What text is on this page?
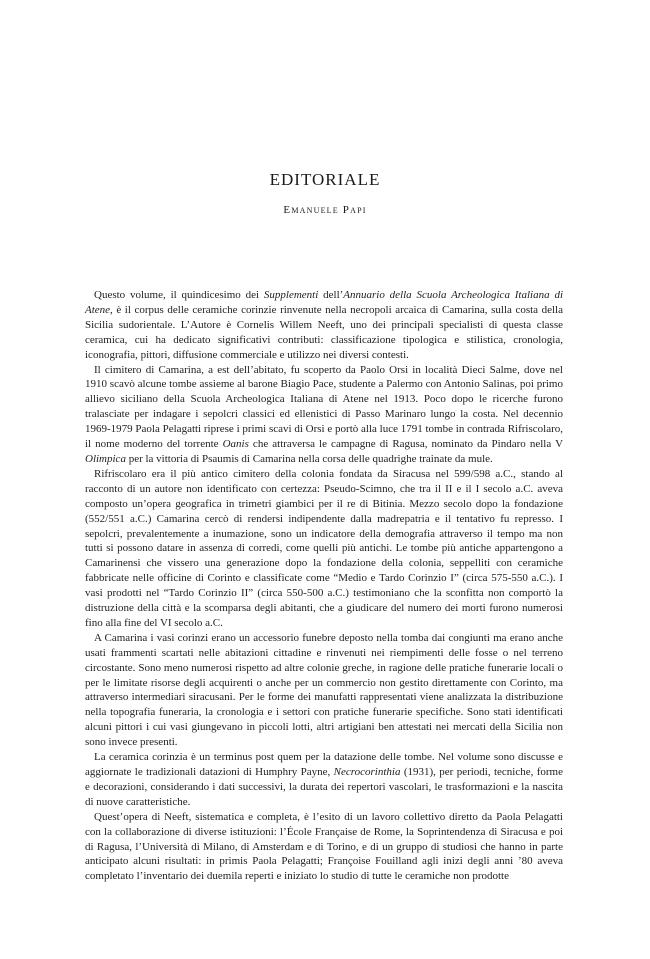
EDITORIALE
Emanuele Papi

Questo volume, il quindicesimo dei Supplementi dell’Annuario della Scuola Archeologica Italiana di Atene, è il corpus delle ceramiche corinzie rinvenute nella necropoli arcaica di Camarina, sulla costa della Sicilia sudorientale. L’Autore è Cornelis Willem Neeft, uno dei principali specialisti di questa classe ceramica, cui ha dedicato significativi contributi: classificazione tipologica e stilistica, cronologia, iconografia, pittori, diffusione commerciale e utilizzo nei diversi contesti.

Il cimitero di Camarina, a est dell’abitato, fu scoperto da Paolo Orsi in località Dieci Salme, dove nel 1910 scavò alcune tombe assieme al barone Biagio Pace, studente a Palermo con Antonio Salinas, poi primo allievo siciliano della Scuola Archeologica Italiana di Atene nel 1913. Poco dopo le ricerche furono tralasciate per indagare i sepolcri classici ed ellenistici di Passo Marinaro lungo la costa. Nel decennio 1969-1979 Paola Pelagatti riprese i primi scavi di Orsi e portò alla luce 1791 tombe in contrada Rifriscolaro, il nome moderno del torrente Oanis che attraversa le campagne di Ragusa, nominato da Pindaro nella V Olimpica per la vittoria di Psaumis di Camarina nella corsa delle quadrighe trainate da mule.

Rifriscolaro era il più antico cimitero della colonia fondata da Siracusa nel 599/598 a.C., stando al racconto di un autore non identificato con certezza: Pseudo-Scimno, che tra il II e il I secolo a.C. aveva composto un’opera geografica in trimetri giambici per il re di Bitinia. Mezzo secolo dopo la fondazione (552/551 a.C.) Camarina cercò di rendersi indipendente dalla madrepatria e il tentativo fu represso. I sepolcri, prevalentemente a inumazione, sono un indicatore della demografia attraverso il tempo ma non tutti si possono datare in assenza di corredi, come quelli più antichi. Le tombe più antiche appartengono a Camarinensi che vissero una generazione dopo la fondazione della colonia, seppelliti con ceramiche fabbricate nelle officine di Corinto e classificate come “Medio e Tardo Corinzio I” (circa 575-550 a.C.). I vasi prodotti nel “Tardo Corinzio II” (circa 550-500 a.C.) testimoniano che la sconfitta non comportò la distruzione della città e la scomparsa degli abitanti, che a giudicare del numero dei morti furono numerosi fino alla fine del VI secolo a.C.

A Camarina i vasi corinzi erano un accessorio funebre deposto nella tomba dai congiunti ma erano anche usati frammenti scartati nelle abitazioni cittadine e rinvenuti nei riempimenti delle fosse o nel terreno circostante. Sono meno numerosi rispetto ad altre colonie greche, in ragione delle pratiche funerarie locali o per le limitate risorse degli acquirenti o anche per un commercio non gestito direttamente con Corinto, ma attraverso intermediari siracusani. Per le forme dei manufatti rappresentati viene analizzata la distribuzione nella topografia funeraria, la cronologia e i settori con pratiche funerarie specifiche. Sono stati identificati alcuni pittori i cui vasi giungevano in piccoli lotti, altri artigiani ben attestati nei mercati della Sicilia non sono invece presenti.

La ceramica corinzia è un terminus post quem per la datazione delle tombe. Nel volume sono discusse e aggiornate le tradizionali datazioni di Humphry Payne, Necrocorinthia (1931), per periodi, tecniche, forme e decorazioni, considerando i dati successivi, la durata dei repertori vascolari, le trasformazioni e la nascita di nuove caratteristiche.

Quest’opera di Neeft, sistematica e completa, è l’esito di un lavoro collettivo diretto da Paola Pelagatti con la collaborazione di diverse istituzioni: l’École Française de Rome, la Soprintendenza di Siracusa e poi di Ragusa, l’Università di Milano, di Amsterdam e di Torino, e di un gruppo di studiosi che hanno in parte anticipato alcuni risultati: in primis Paola Pelagatti; Françoise Fouilland agli inizi degli anni ’80 aveva completato l’inventario dei duemila reperti e iniziato lo studio di tutte le ceramiche non prodotte
